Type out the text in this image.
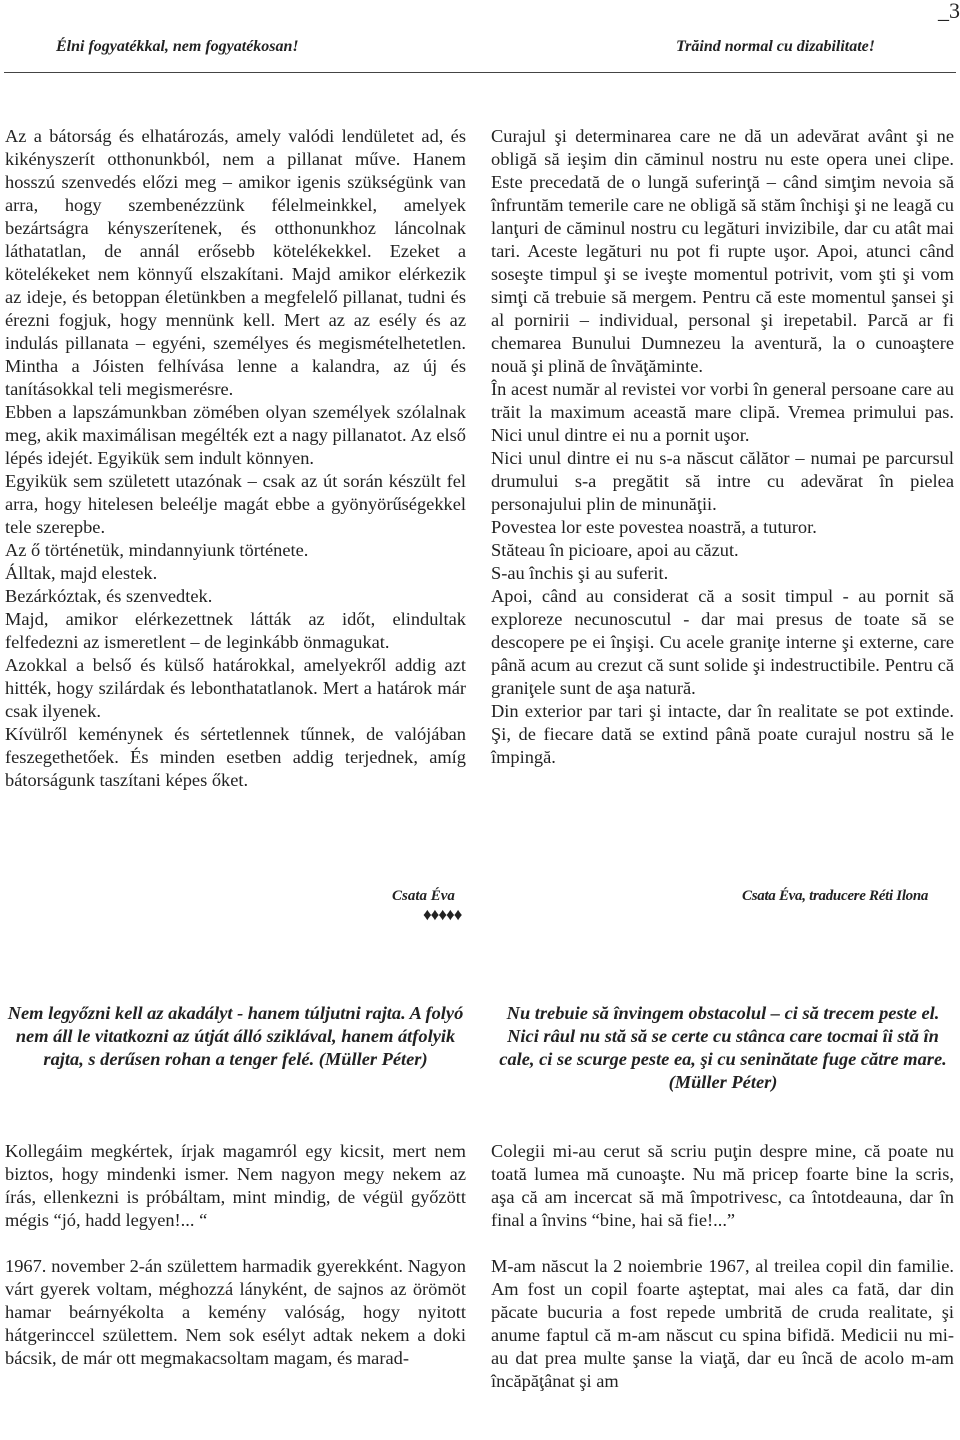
_ 3
Élni fogyatékkal, nem fogyatékosan!	Trăind normal cu dizabilitate!

Az a bátorság és elhatározás, amely valódi lendületet ad, és kikényszerít otthonunkból, nem a pillanat műve. Hanem hosszú szenvedés előzi meg – amikor igenis szükségünk van arra, hogy szembenézzünk félelmeinkkel, amelyek bezártságra kényszerítenek, és otthonunkhoz láncolnak láthatatlan, de annál erősebb kötelékekkel. Ezeket a kötelékeket nem könnyű elszakítani. Majd amikor elérkezik az ideje, és betoppan életünkben a megfelelő pillanat, tudni és érezni fogjuk, hogy mennünk kell. Mert az az esély és az indulás pillanata – egyéni, személyes és megismételhetetlen. Mintha a Jóisten felhívása lenne a kalandra, az új és tanításokkal teli megismerésre.

Ebben a lapszámunkban zömében olyan személyek szólalnak meg, akik maximálisan megélték ezt a nagy pillanatot. Az első lépés idejét. Egyikük sem indult könnyen.

Egyikük sem született utazónak – csak az út során készült fel arra, hogy hitelesen beleélje magát ebbe a gyönyörűségekkel tele szerepbe.

Az ő történetük, mindannyiunk története.

Álltak, majd elestek.

Bezárkóztak, és szenvedtek.

Majd, amikor elérkezettnek látták az időt, elindultak felfedezni az ismeretlent – de leginkább önmagukat.

Azokkal a belső és külső határokkal, amelyekről addig azt hitték, hogy szilárdak és lebonthatatlanok. Mert a határok már csak ilyenek.

Kívülről keménynek és sértetlennek tűnnek, de valójában feszegethetőek. És minden esetben addig terjednek, amíg bátorságunk taszítani képes őket.

Curajul şi determinarea care ne dă un adevărat avânt şi ne obligă să ieşim din căminul nostru nu este opera unei clipe. Este precedată de o lungă suferinţă – când simţim nevoia să înfruntăm temerile care ne obligă să stăm închişi şi ne leagă cu lanţuri de căminul nostru cu legături invizibile, dar cu atât mai tari. Aceste legături nu pot fi rupte uşor. Apoi, atunci când soseşte timpul şi se iveşte momentul potrivit, vom şti şi vom simţi că trebuie să mergem. Pentru că este momentul şansei şi al pornirii – individual, personal şi irepetabil. Parcă ar fi chemarea Bunului Dumnezeu la aventură, la o cunoaştere nouă şi plină de învăţăminte.

În acest număr al revistei vor vorbi în general persoane care au trăit la maximum această mare clipă. Vremea primului pas. Nici unul dintre ei nu a pornit uşor.

Nici unul dintre ei nu s-a născut călător – numai pe parcursul drumului s-a pregătit să intre cu adevărat în pielea personajului plin de minunăţii.

Povestea lor este povestea noastră, a tuturor.

Stăteau în picioare, apoi au căzut.

S-au închis şi au suferit.

Apoi, când au considerat că a sosit timpul - au pornit să exploreze necunoscutul - dar mai presus de toate să se descopere pe ei înşişi. Cu acele graniţe interne şi externe, care până acum au crezut că sunt solide şi indestructibile. Pentru că graniţele sunt de aşa natură.

Din exterior par tari şi intacte, dar în realitate se pot extinde. Şi, de fiecare dată se extind până poate curajul nostru să le împingă.

Csata Éva	Csata Éva, traducere Réti Ilona
♦♦♦♦♦
Nem legyőzni kell az akadályt - hanem túljutni rajta. A folyó nem áll le vitatkozni az útját álló sziklával, hanem átfolyik rajta, s derűsen rohan a tenger felé. (Müller Péter)
Nu trebuie să învingem obstacolul – ci să trecem peste el. Nici râul nu stă să se certe cu stânca care tocmai îi stă în cale, ci se scurge peste ea, şi cu seninătate fuge către mare. (Müller Péter)

Kollegáim megkértek, írjak magamról egy kicsit, mert nem biztos, hogy mindenki ismer. Nem nagyon megy nekem az írás, ellenkezni is próbáltam, mint mindig, de végül győzött mégis “jó, hadd legyen!... “

1967. november 2-án születtem harmadik gyerekként. Nagyon várt gyerek voltam, méghozzá lányként, de sajnos az örömöt hamar beárnyékolta a kemény valóság, hogy nyitott hátgerinccel születtem. Nem sok esélyt adtak nekem a doki bácsik, de már ott megmakacsoltam magam, és marad-

Colegii mi-au cerut să scriu puţin despre mine, că poate nu toată lumea mă cunoaşte. Nu mă pricep foarte bine la scris, aşa că am incercat să mă împotrivesc, ca întotdeauna, dar în final a învins “bine, hai să fie!...”

M-am născut la 2 noiembrie 1967, al treilea copil din familie. Am fost un copil foarte aşteptat, mai ales ca fată, dar din păcate bucuria a fost repede umbrită de cruda realitate, şi anume faptul că m-am născut cu spina bifidă. Medicii nu mi-au dat prea multe şanse la viaţă, dar eu încă de acolo m-am încăpăţânat şi am
